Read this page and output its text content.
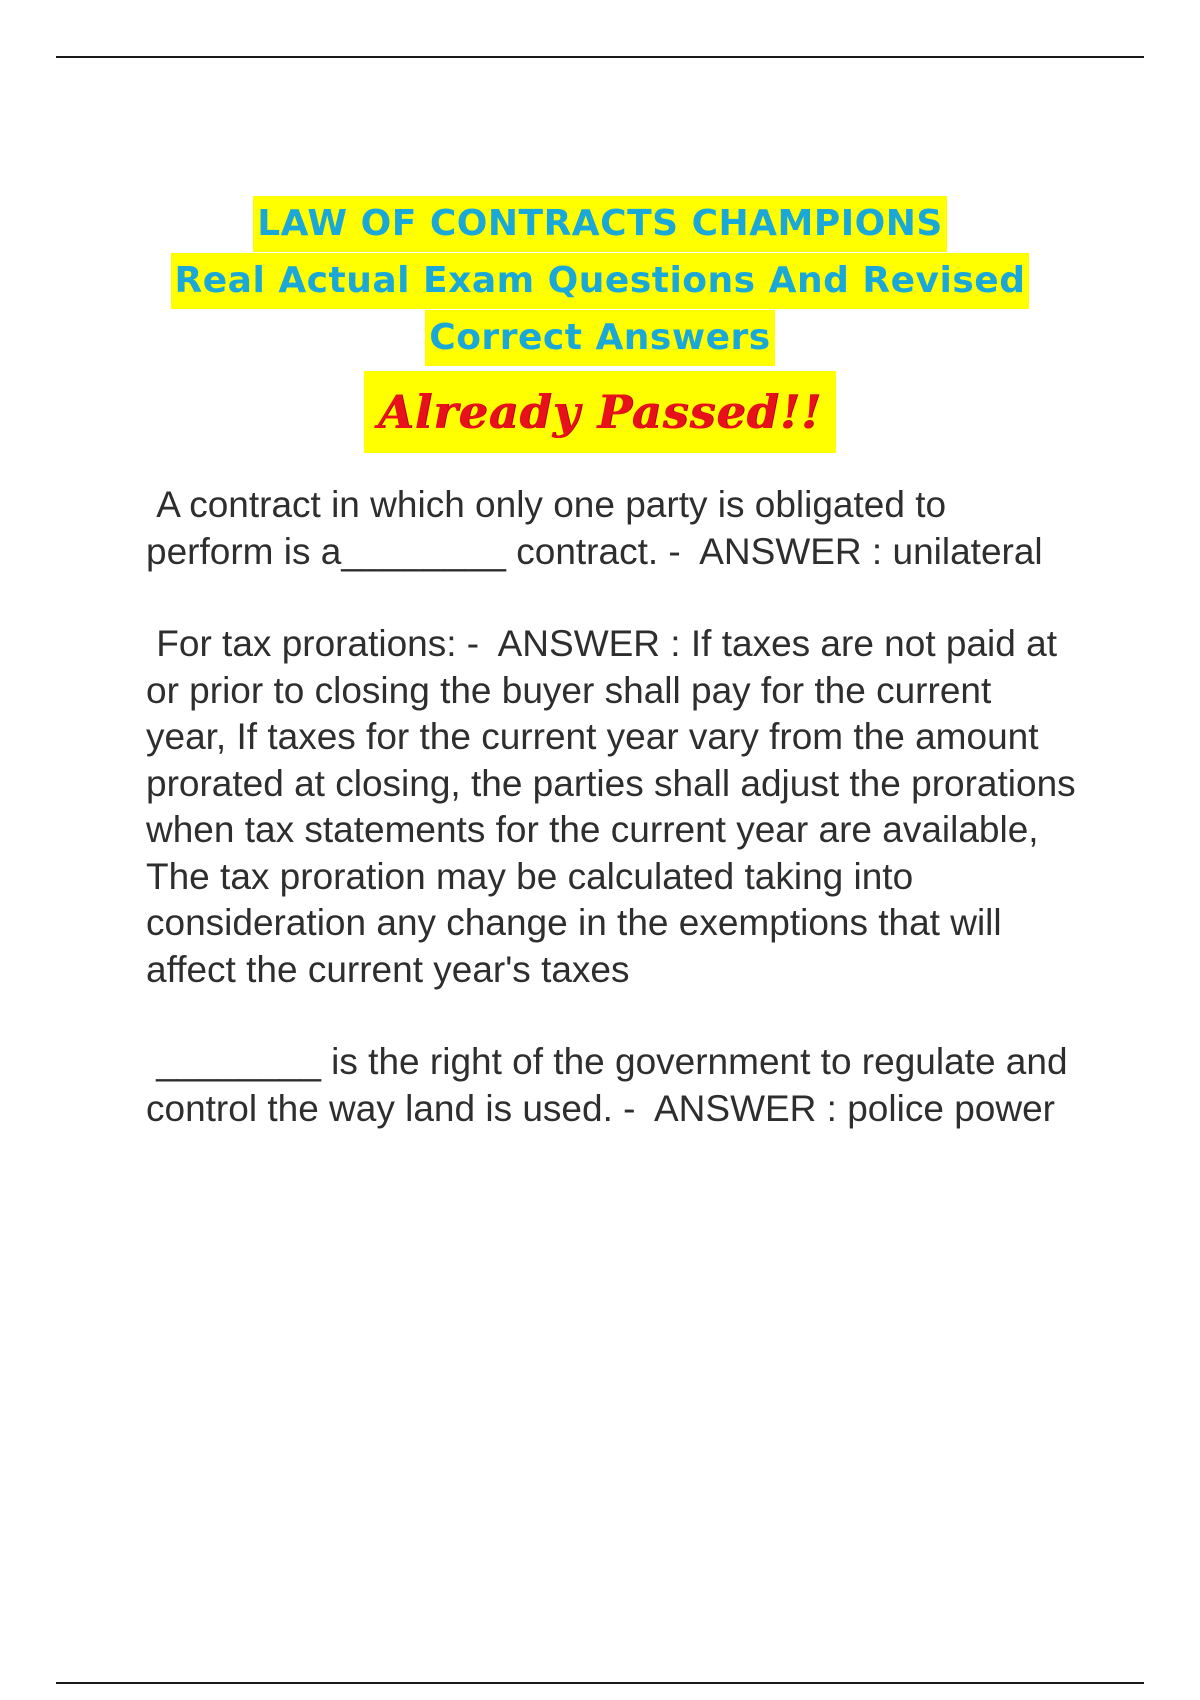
LAW OF CONTRACTS CHAMPIONS
Real Actual Exam Questions And Revised
Correct Answers
Already Passed!!
A contract in which only one party is obligated to perform is a________ contract. -  ANSWER : unilateral
For tax prorations: -  ANSWER : If taxes are not paid at or prior to closing the buyer shall pay for the current year, If taxes for the current year vary from the amount prorated at closing, the parties shall adjust the prorations when tax statements for the current year are available, The tax proration may be calculated taking into consideration any change in the exemptions that will affect the current year's taxes
________ is the right of the government to regulate and control the way land is used. -  ANSWER : police power
